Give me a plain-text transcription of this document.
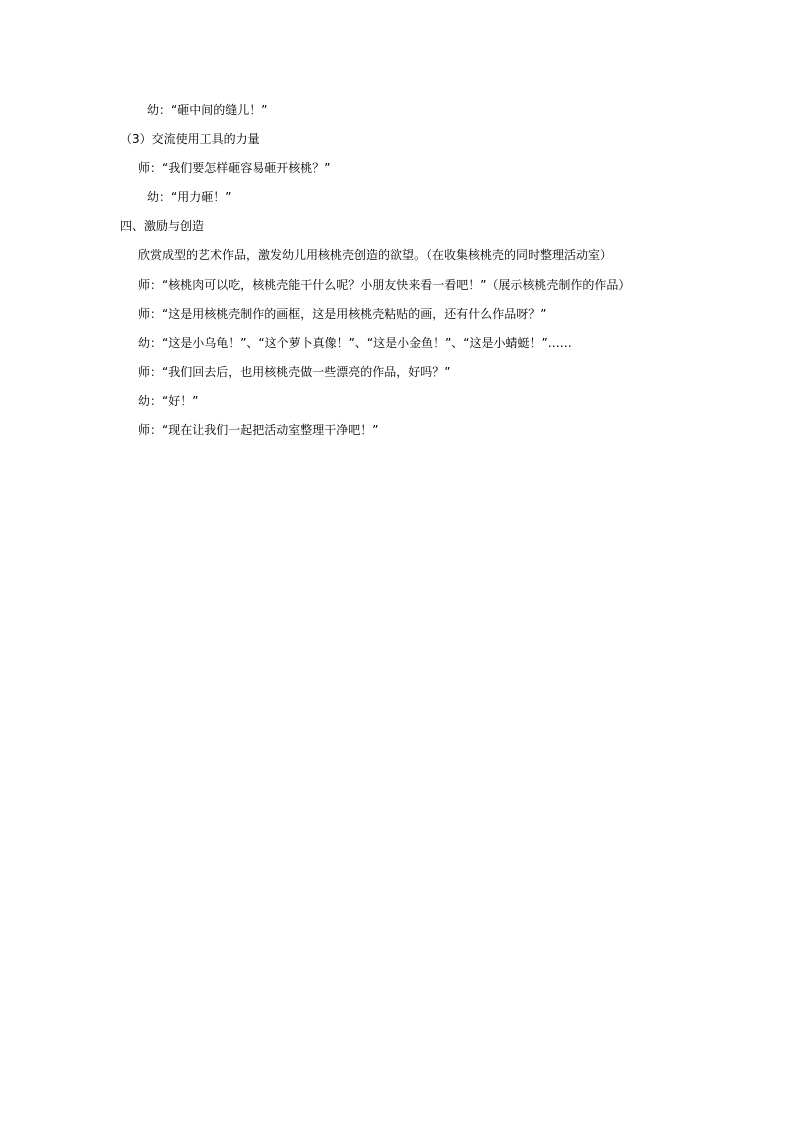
幼：“砸中间的缝儿！”
（3）交流使用工具的力量
师：“我们要怎样砸容易砸开核桃？”
幼：“用力砸！”
四、激励与创造
欣赏成型的艺术作品，激发幼儿用核桃壳创造的欲望。（在收集核桃壳的同时整理活动室）
师：“核桃肉可以吃，核桃壳能干什么呢？小朋友快来看一看吧！”（展示核桃壳制作的作品）
师：“这是用核桃壳制作的画框，这是用核桃壳粘贴的画，还有什么作品呀？”
幼：“这是小乌龟！”、“这个萝卜真像！”、“这是小金鱼！”、“这是小蜻蜓！”……
师：“我们回去后，也用核桃壳做一些漂亮的作品，好吗？”
幼：“好！”
师：“现在让我们一起把活动室整理干净吧！”
